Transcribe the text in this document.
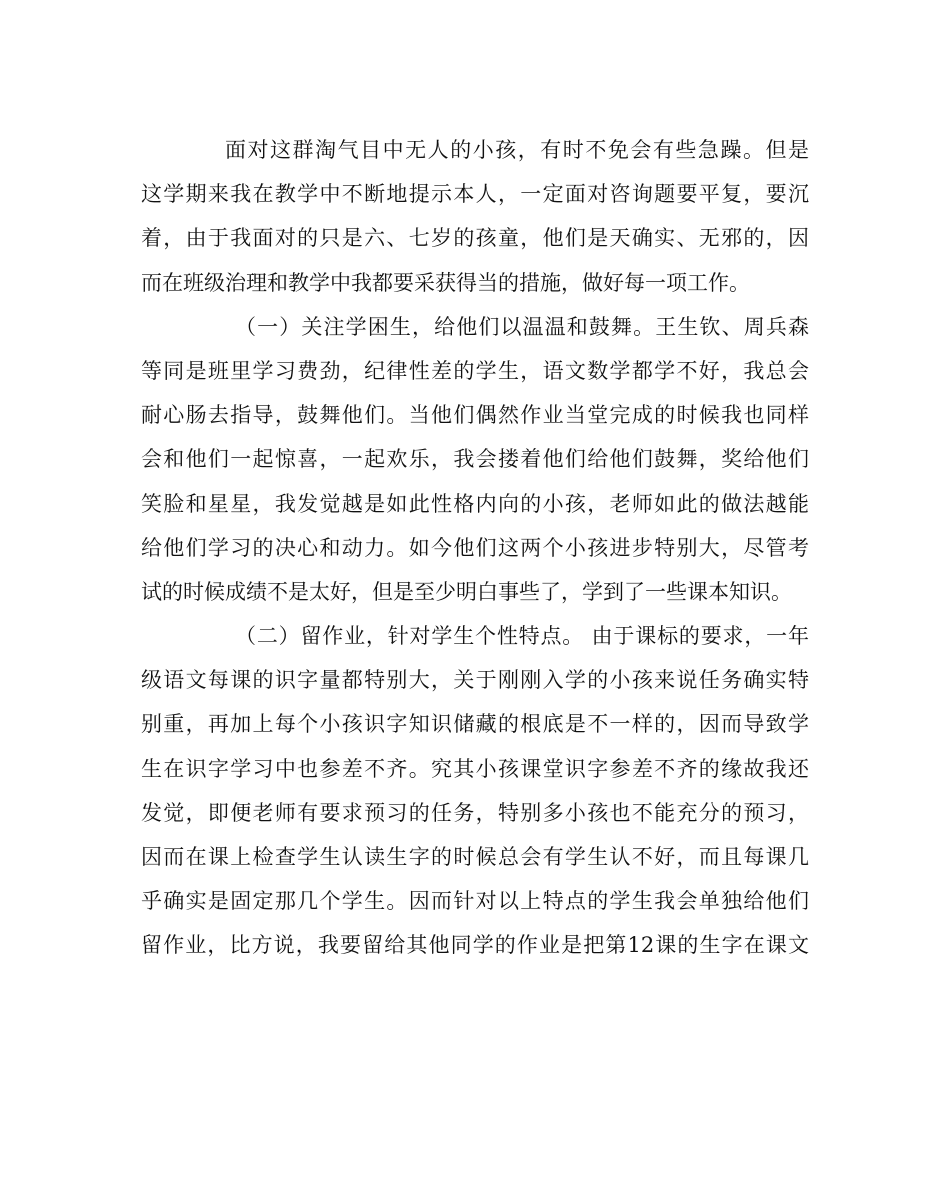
面对这群淘气目中无人的小孩，有时不免会有些急躁。但是
这学期来我在教学中不断地提示本人，一定面对咨询题要平复，要沉
着，由于我面对的只是六、七岁的孩童，他们是天确实、无邪的，因
而在班级治理和教学中我都要采获得当的措施，做好每一项工作。
（一）关注学困生，给他们以温温和鼓舞。王生钦、周兵森
等同是班里学习费劲，纪律性差的学生，语文数学都学不好，我总会
耐心肠去指导，鼓舞他们。当他们偶然作业当堂完成的时候我也同样
会和他们一起惊喜，一起欢乐，我会搂着他们给他们鼓舞，奖给他们
笑脸和星星，我发觉越是如此性格内向的小孩，老师如此的做法越能
给他们学习的决心和动力。如今他们这两个小孩进步特别大，尽管考
试的时候成绩不是太好，但是至少明白事些了，学到了一些课本知识。
（二）留作业，针对学生个性特点。 由于课标的要求，一年
级语文每课的识字量都特别大，关于刚刚入学的小孩来说任务确实特
别重，再加上每个小孩识字知识储藏的根底是不一样的，因而导致学
生在识字学习中也参差不齐。究其小孩课堂识字参差不齐的缘故我还
发觉，即便老师有要求预习的任务，特别多小孩也不能充分的预习，
因而在课上检查学生认读生字的时候总会有学生认不好，而且每课几
乎确实是固定那几个学生。因而针对以上特点的学生我会单独给他们
留作业，比方说，我要留给其他同学的作业是把第12课的生字在课文
